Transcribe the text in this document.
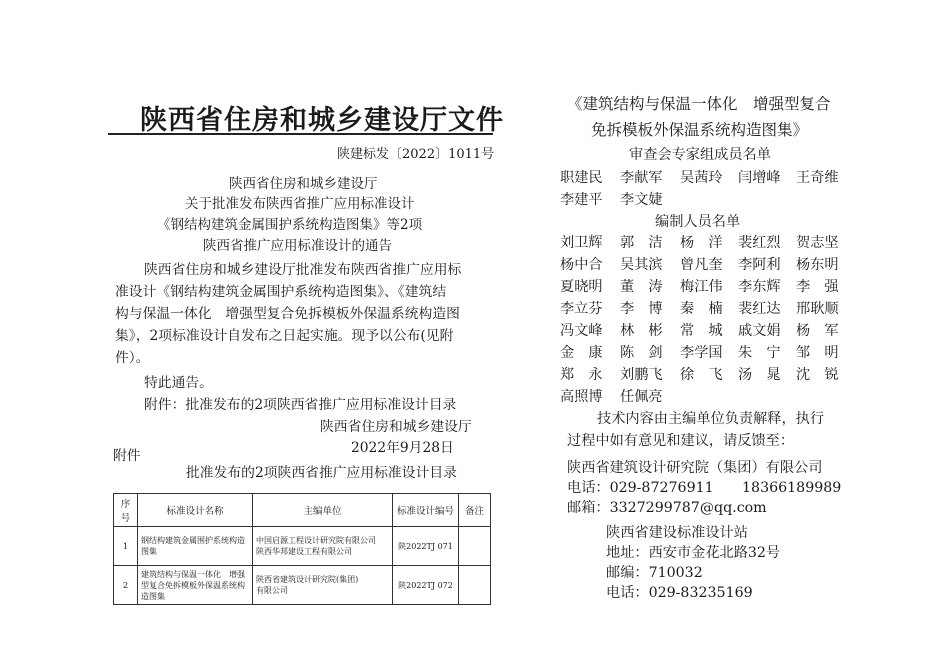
陕西省住房和城乡建设厅文件
陕建标发〔2022〕1011号
陕西省住房和城乡建设厅
关于批准发布陕西省推广应用标准设计
《钢结构建筑金属围护系统构造图集》等2项
陕西省推广应用标准设计的通告
陕西省住房和城乡建设厅批准发布陕西省推广应用标
准设计《钢结构建筑金属围护系统构造图集》、《建筑结
构与保温一体化　增强型复合免拆模板外保温系统构造图
集》，2项标准设计自发布之日起实施。现予以公布(见附
件）。
特此通告。
附件：批准发布的2项陕西省推广应用标准设计目录
陕西省住房和城乡建设厅
2022年9月28日
附件
批准发布的2项陕西省推广应用标准设计目录
序号	标准设计名称	主编单位	标准设计编号	备注
1	钢结构建筑金属围护系统构造图集	中国启源工程设计研究院有限公司
陕西华邦建设工程有限公司	陕2022TJ 071	
2	建筑结构与保温一体化　增强型复合免拆模板外保温系统构造图集	陕西省建筑设计研究院(集团)
有限公司	陕2022TJ 072	
《建筑结构与保温一体化　增强型复合
免拆模板外保温系统构造图集》
审查会专家组成员名单
职建民 李献军 吴茜玲 闫增峰 王奇维
李建平 李文婕
编制人员名单
刘卫辉 郭　洁 杨　洋 裴红烈 贺志坚
杨中合 吴其滨 曾凡奎 李阿利 杨东明
夏晓明 董　涛 梅江伟 李东辉 李　强
李立芬 李　博 秦　楠 裴红达 邢耿顺
冯文峰 林　彬 常　城 戚文娟 杨　军
金　康 陈　剑 李学国 朱　宁 邹　明
郑　永 刘鹏飞 徐　飞 汤　晁 沈　锐
高照博 任佩亮
技术内容由主编单位负责解释，执行
过程中如有意见和建议，请反馈至：
陕西省建筑设计研究院（集团）有限公司
电话：029-87276911　　18366189989
邮箱：3327299787@qq.com
陕西省建设标准设计站
地址：西安市金花北路32号
邮编：710032
电话：029-83235169
